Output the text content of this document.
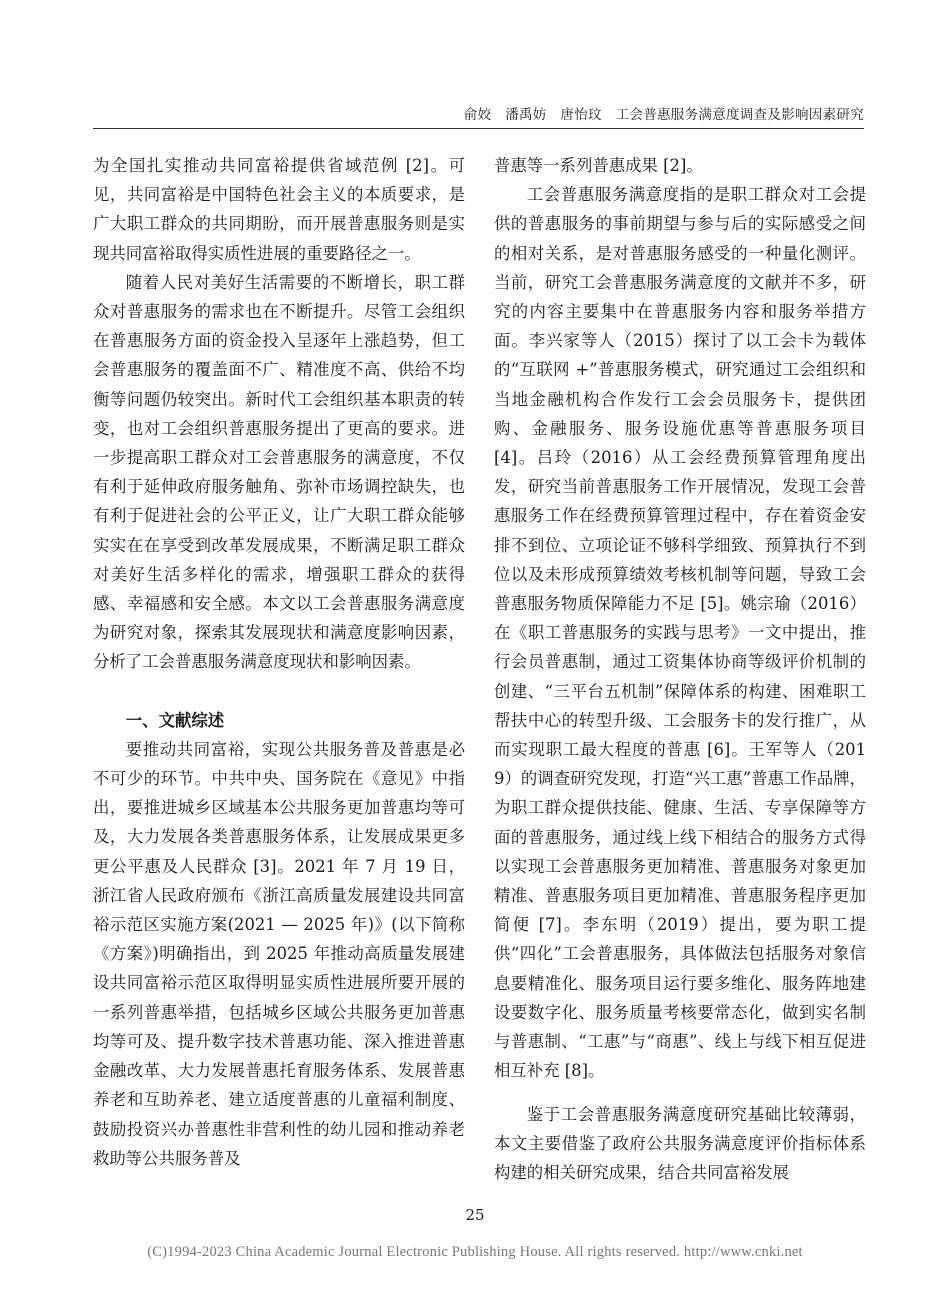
俞姣　潘禹妨　唐怡玟　工会普惠服务满意度调查及影响因素研究

为全国扎实推动共同富裕提供省域范例 [2]。可见，共同富裕是中国特色社会主义的本质要求，是广大职工群众的共同期盼，而开展普惠服务则是实现共同富裕取得实质性进展的重要路径之一。

随着人民对美好生活需要的不断增长，职工群众对普惠服务的需求也在不断提升。尽管工会组织在普惠服务方面的资金投入呈逐年上涨趋势，但工会普惠服务的覆盖面不广、精准度不高、供给不均衡等问题仍较突出。新时代工会组织基本职责的转变，也对工会组织普惠服务提出了更高的要求。进一步提高职工群众对工会普惠服务的满意度，不仅有利于延伸政府服务触角、弥补市场调控缺失，也有利于促进社会的公平正义，让广大职工群众能够实实在在享受到改革发展成果，不断满足职工群众对美好生活多样化的需求，增强职工群众的获得感、幸福感和安全感。本文以工会普惠服务满意度为研究对象，探索其发展现状和满意度影响因素，分析了工会普惠服务满意度现状和影响因素。

一、文献综述

要推动共同富裕，实现公共服务普及普惠是必不可少的环节。中共中央、国务院在《意见》中指出，要推进城乡区域基本公共服务更加普惠均等可及，大力发展各类普惠服务体系，让发展成果更多更公平惠及人民群众 [3]。2021 年 7 月 19 日，浙江省人民政府颁布《浙江高质量发展建设共同富裕示范区实施方案(2021 — 2025 年)》(以下简称《方案》)明确指出，到 2025 年推动高质量发展建设共同富裕示范区取得明显实质性进展所要开展的一系列普惠举措，包括城乡区域公共服务更加普惠均等可及、提升数字技术普惠功能、深入推进普惠金融改革、大力发展普惠托育服务体系、发展普惠养老和互助养老、建立适度普惠的儿童福利制度、鼓励投资兴办普惠性非营利性的幼儿园和推动养老救助等公共服务普及

普惠等一系列普惠成果 [2]。

工会普惠服务满意度指的是职工群众对工会提供的普惠服务的事前期望与参与后的实际感受之间的相对关系，是对普惠服务感受的一种量化测评。当前，研究工会普惠服务满意度的文献并不多，研究的内容主要集中在普惠服务内容和服务举措方面。李兴家等人（2015）探讨了以工会卡为载体的“互联网 +”普惠服务模式，研究通过工会组织和当地金融机构合作发行工会会员服务卡，提供团购、金融服务、服务设施优惠等普惠服务项目 [4]。吕玲（2016）从工会经费预算管理角度出发，研究当前普惠服务工作开展情况，发现工会普惠服务工作在经费预算管理过程中，存在着资金安排不到位、立项论证不够科学细致、预算执行不到位以及未形成预算绩效考核机制等问题，导致工会普惠服务物质保障能力不足 [5]。姚宗瑜（2016）在《职工普惠服务的实践与思考》一文中提出，推行会员普惠制，通过工资集体协商等级评价机制的创建、“三平台五机制”保障体系的构建、困难职工帮扶中心的转型升级、工会服务卡的发行推广，从而实现职工最大程度的普惠 [6]。王军等人（2019）的调查研究发现，打造“兴工惠”普惠工作品牌，为职工群众提供技能、健康、生活、专享保障等方面的普惠服务，通过线上线下相结合的服务方式得以实现工会普惠服务更加精准、普惠服务对象更加精准、普惠服务项目更加精准、普惠服务程序更加简便 [7]。李东明（2019）提出，要为职工提供“四化”工会普惠服务，具体做法包括服务对象信息要精准化、服务项目运行要多维化、服务阵地建设要数字化、服务质量考核要常态化，做到实名制与普惠制、“工惠”与“商惠”、线上与线下相互促进相互补充 [8]。

鉴于工会普惠服务满意度研究基础比较薄弱，本文主要借鉴了政府公共服务满意度评价指标体系构建的相关研究成果，结合共同富裕发展

25
(C)1994-2023 China Academic Journal Electronic Publishing House. All rights reserved. http://www.cnki.net
